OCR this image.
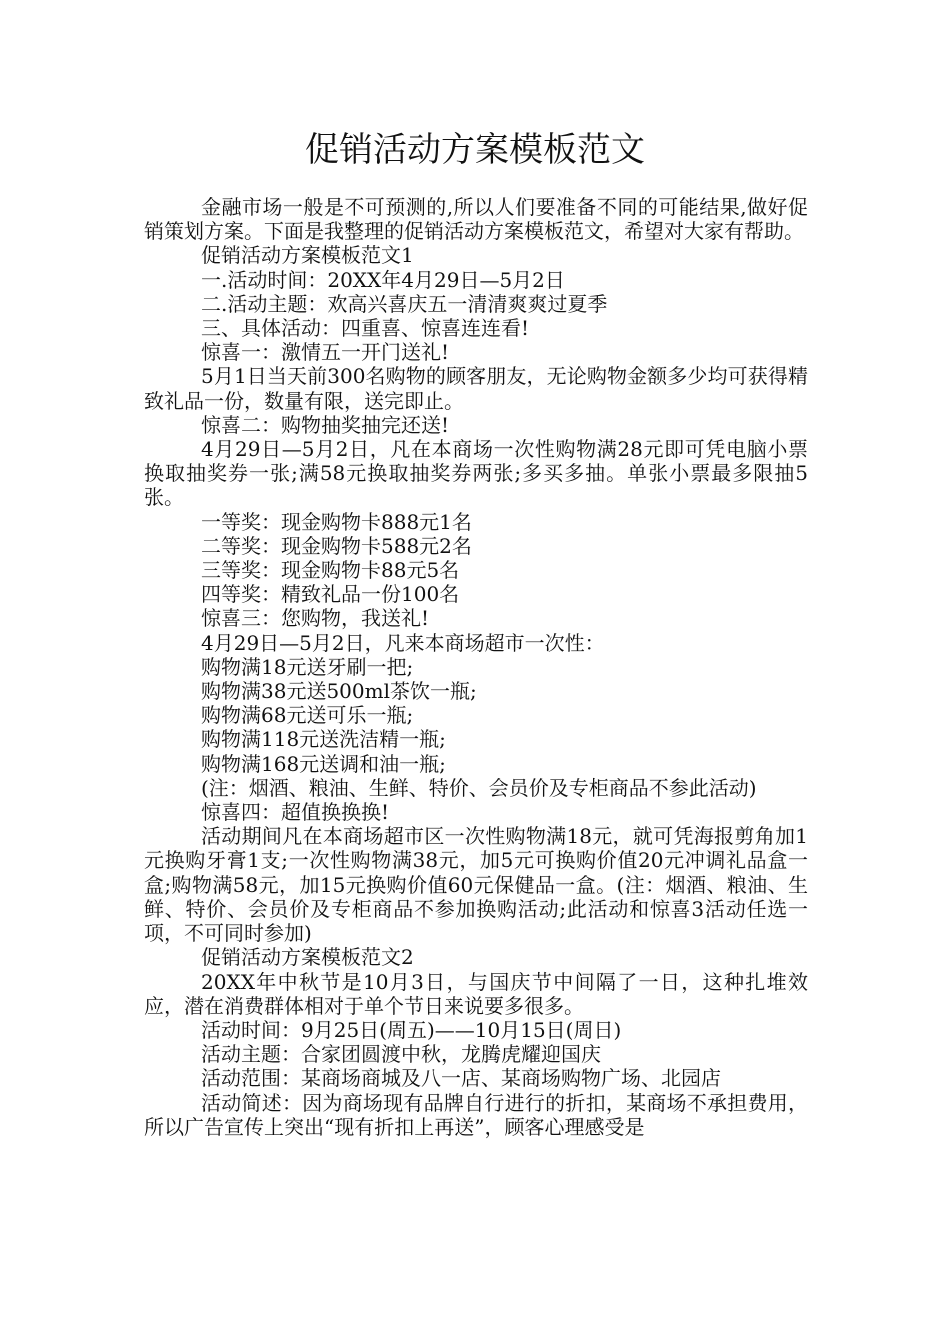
促销活动方案模板范文

金融市场一般是不可预测的,所以人们要准备不同的可能结果,做好促销策划方案。下面是我整理的促销活动方案模板范文，希望对大家有帮助。

促销活动方案模板范文1

一.活动时间：20XX年4月29日—5月2日

二.活动主题：欢高兴喜庆五一清清爽爽过夏季

三、具体活动：四重喜、惊喜连连看!

惊喜一：激情五一开门送礼!

5月1日当天前300名购物的顾客朋友，无论购物金额多少均可获得精致礼品一份，数量有限，送完即止。

惊喜二：购物抽奖抽完还送!

4月29日—5月2日，凡在本商场一次性购物满28元即可凭电脑小票换取抽奖券一张;满58元换取抽奖券两张;多买多抽。单张小票最多限抽5张。

一等奖：现金购物卡888元1名

二等奖：现金购物卡588元2名

三等奖：现金购物卡88元5名

四等奖：精致礼品一份100名

惊喜三：您购物，我送礼!

4月29日—5月2日，凡来本商场超市一次性：

购物满18元送牙刷一把;

购物满38元送500ml茶饮一瓶;

购物满68元送可乐一瓶;

购物满118元送洗洁精一瓶;

购物满168元送调和油一瓶;

(注：烟酒、粮油、生鲜、特价、会员价及专柜商品不参此活动)

惊喜四：超值换换换!

活动期间凡在本商场超市区一次性购物满18元，就可凭海报剪角加1元换购牙膏1支;一次性购物满38元，加5元可换购价值20元冲调礼品盒一盒;购物满58元，加15元换购价值60元保健品一盒。(注：烟酒、粮油、生鲜、特价、会员价及专柜商品不参加换购活动;此活动和惊喜3活动任选一项，不可同时参加)

促销活动方案模板范文2

20XX年中秋节是10月3日，与国庆节中间隔了一日，这种扎堆效应，潜在消费群体相对于单个节日来说要多很多。

活动时间：9月25日(周五)——10月15日(周日)

活动主题：合家团圆渡中秋，龙腾虎耀迎国庆

活动范围：某商场商城及八一店、某商场购物广场、北园店

活动简述：因为商场现有品牌自行进行的折扣，某商场不承担费用，所以广告宣传上突出“现有折扣上再送”，顾客心理感受是
